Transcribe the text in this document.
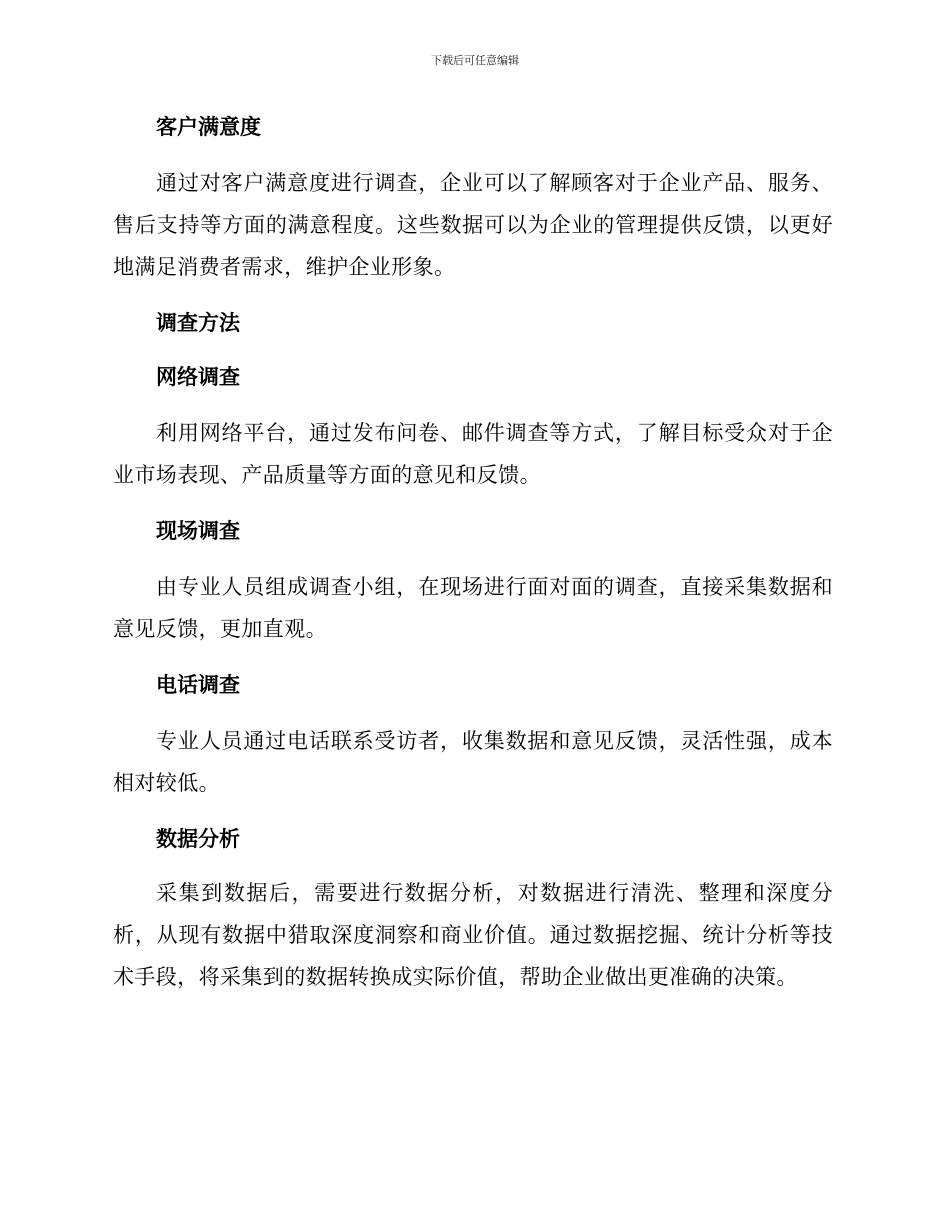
下载后可任意编辑
客户满意度

通过对客户满意度进行调查，企业可以了解顾客对于企业产品、服务、售后支持等方面的满意程度。这些数据可以为企业的管理提供反馈，以更好地满足消费者需求，维护企业形象。

调查方法
网络调查

利用网络平台，通过发布问卷、邮件调查等方式，了解目标受众对于企业市场表现、产品质量等方面的意见和反馈。

现场调查

由专业人员组成调查小组，在现场进行面对面的调查，直接采集数据和意见反馈，更加直观。

电话调查

专业人员通过电话联系受访者，收集数据和意见反馈，灵活性强，成本相对较低。

数据分析

采集到数据后，需要进行数据分析，对数据进行清洗、整理和深度分析，从现有数据中猎取深度洞察和商业价值。通过数据挖掘、统计分析等技术手段，将采集到的数据转换成实际价值，帮助企业做出更准确的决策。
